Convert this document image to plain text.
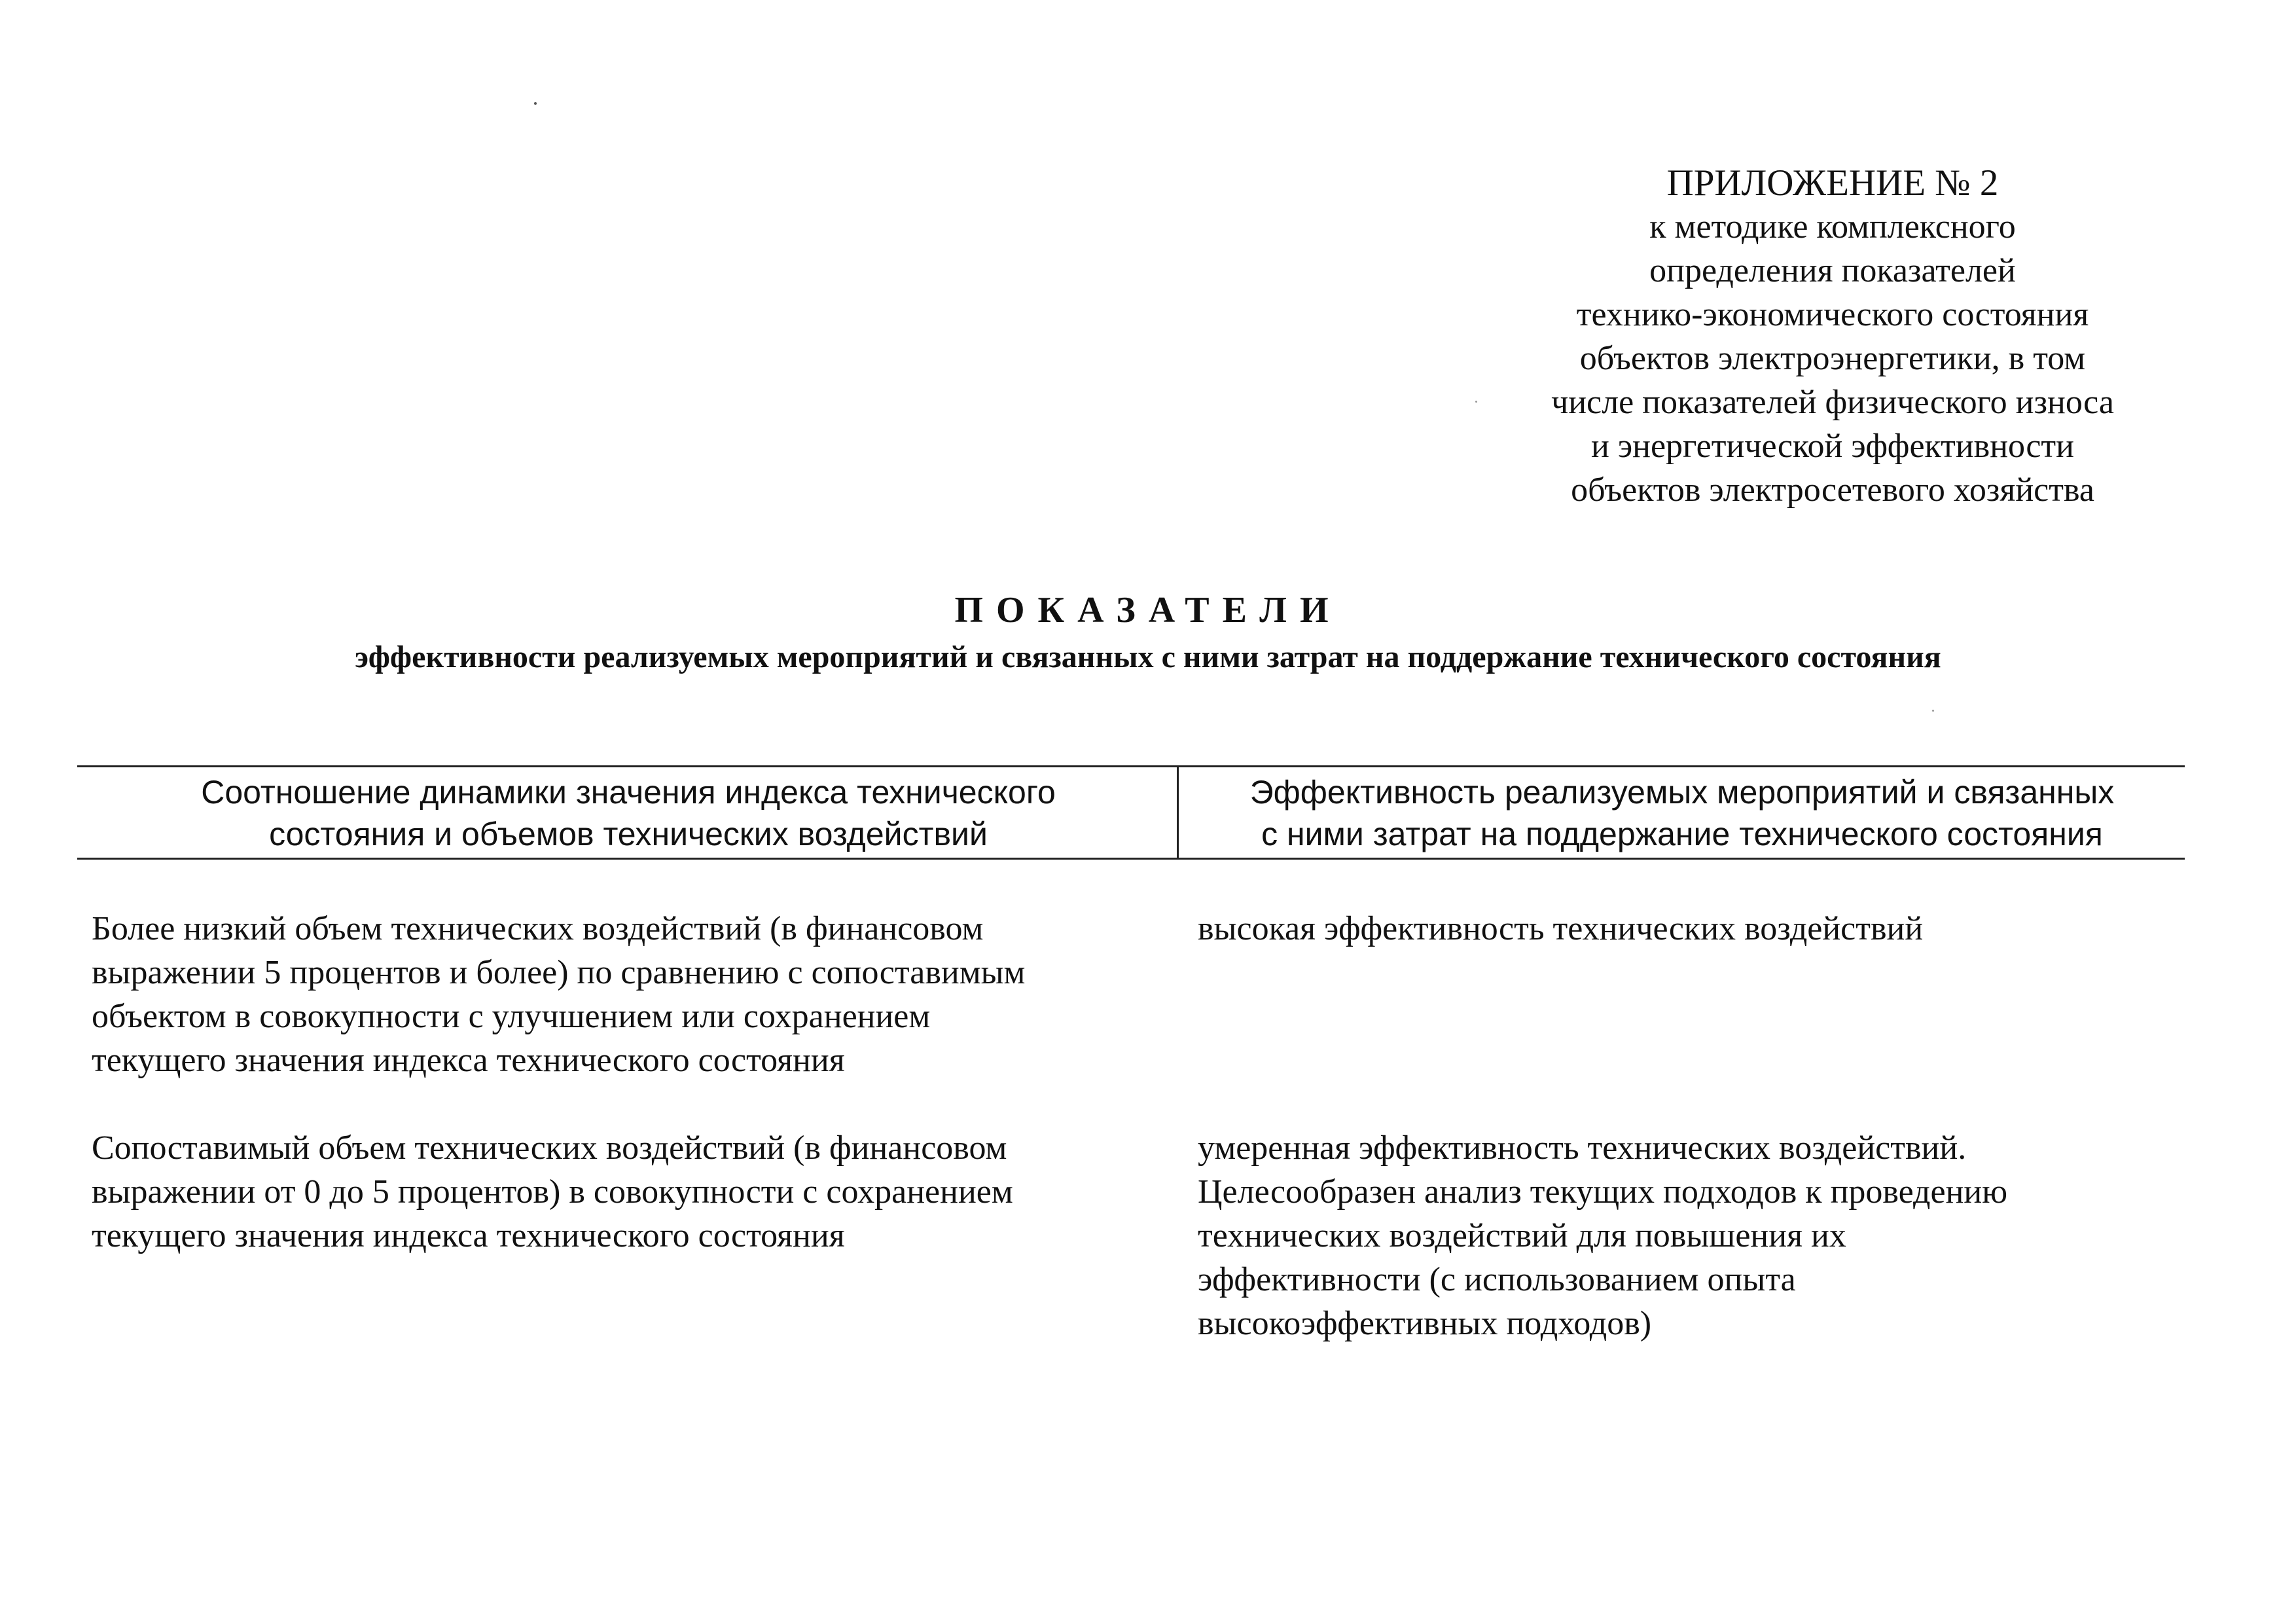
ПРИЛОЖЕНИЕ № 2
к методике комплексного
определения показателей
технико-экономического состояния
объектов электроэнергетики, в том
числе показателей физического износа
и энергетической эффективности
объектов электросетевого хозяйства
ПОКАЗАТЕЛИ
эффективности реализуемых мероприятий и связанных с ними затрат на поддержание технического состояния
Соотношение динамики значения индекса технического
состояния и объемов технических воздействий
Эффективность реализуемых мероприятий и связанных
с ними затрат на поддержание технического состояния
Более низкий объем технических воздействий (в финансовом
выражении 5 процентов и более) по сравнению с сопоставимым
объектом в совокупности с улучшением или сохранением
текущего значения индекса технического состояния
высокая эффективность технических воздействий
Сопоставимый объем технических воздействий (в финансовом
выражении от 0 до 5 процентов) в совокупности с сохранением
текущего значения индекса технического состояния
умеренная эффективность технических воздействий.
Целесообразен анализ текущих подходов к проведению
технических воздействий для повышения их
эффективности (с использованием опыта
высокоэффективных подходов)
